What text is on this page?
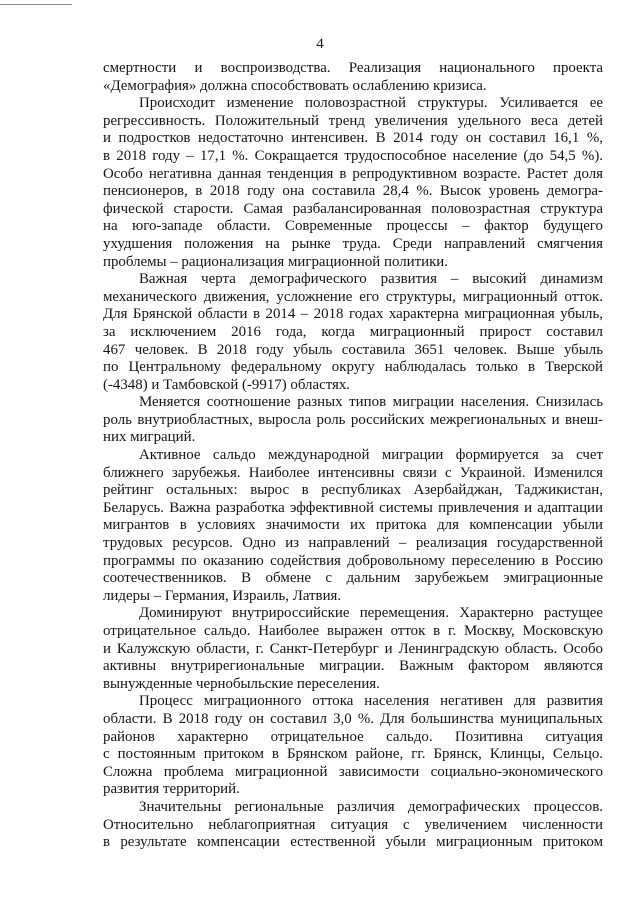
4
смертности и воспроизводства. Реализация национального проекта
«Демография» должна способствовать ослаблению кризиса.
Происходит изменение половозрастной структуры. Усиливается ее
регрессивность. Положительный тренд увеличения удельного веса детей
и подростков недостаточно интенсивен. В 2014 году он составил 16,1 %,
в 2018 году – 17,1 %. Сокращается трудоспособное население (до 54,5 %).
Особо негативна данная тенденция в репродуктивном возрасте. Растет доля
пенсионеров, в 2018 году она составила 28,4 %. Высок уровень демогра-
фической старости. Самая разбалансированная половозрастная структура
на юго-западе области. Современные процессы – фактор будущего
ухудшения положения на рынке труда. Среди направлений смягчения
проблемы – рационализация миграционной политики.
Важная черта демографического развития – высокий динамизм
механического движения, усложнение его структуры, миграционный отток.
Для Брянской области в 2014 – 2018 годах характерна миграционная убыль,
за исключением 2016 года, когда миграционный прирост составил
467 человек. В 2018 году убыль составила 3651 человек. Выше убыль
по Центральному федеральному округу наблюдалась только в Тверской
(-4348) и Тамбовской (-9917) областях.
Меняется соотношение разных типов миграции населения. Снизилась
роль внутриобластных, выросла роль российских межрегиональных и внеш-
них миграций.
Активное сальдо международной миграции формируется за счет
ближнего зарубежья. Наиболее интенсивны связи с Украиной. Изменился
рейтинг остальных: вырос в республиках Азербайджан, Таджикистан,
Беларусь. Важна разработка эффективной системы привлечения и адаптации
мигрантов в условиях значимости их притока для компенсации убыли
трудовых ресурсов. Одно из направлений – реализация государственной
программы по оказанию содействия добровольному переселению в Россию
соотечественников. В обмене с дальним зарубежьем эмиграционные
лидеры – Германия, Израиль, Латвия.
Доминируют внутрироссийские перемещения. Характерно растущее
отрицательное сальдо. Наиболее выражен отток в г. Москву, Московскую
и Калужскую области, г. Санкт-Петербург и Ленинградскую область. Особо
активны внутрирегиональные миграции. Важным фактором являются
вынужденные чернобыльские переселения.
Процесс миграционного оттока населения негативен для развития
области. В 2018 году он составил 3,0 %. Для большинства муниципальных
районов характерно отрицательное сальдо. Позитивна ситуация
с постоянным притоком в Брянском районе, гг. Брянск, Клинцы, Сельцо.
Сложна проблема миграционной зависимости социально-экономического
развития территорий.
Значительны региональные различия демографических процессов.
Относительно неблагоприятная ситуация с увеличением численности
в результате компенсации естественной убыли миграционным притоком
